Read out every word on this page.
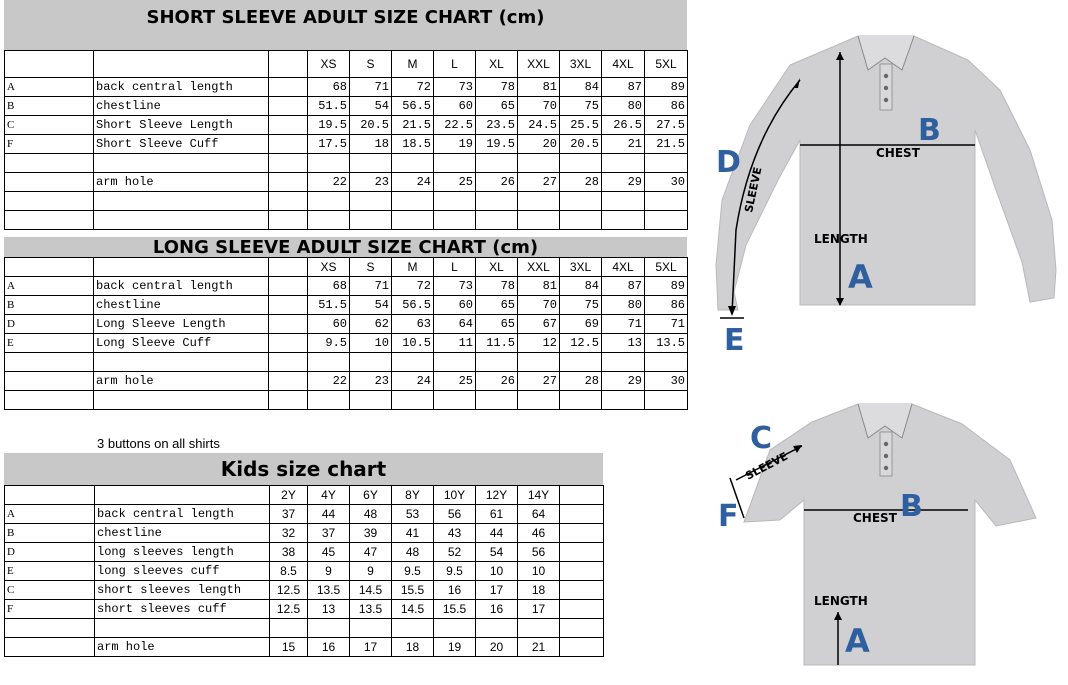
SHORT SLEEVE ADULT SIZE CHART (cm)
			XS	S	M	L	XL	XXL	3XL	4XL	5XL
A	back central length		68	71	72	73	78	81	84	87	89
B	chestline		51.5	54	56.5	60	65	70	75	80	86
C	Short Sleeve Length		19.5	20.5	21.5	22.5	23.5	24.5	25.5	26.5	27.5
F	Short Sleeve Cuff		17.5	18	18.5	19	19.5	20	20.5	21	21.5

	arm hole		22	23	24	25	26	27	28	29	30

LONG SLEEVE ADULT SIZE CHART (cm)
			XS	S	M	L	XL	XXL	3XL	4XL	5XL
A	back central length		68	71	72	73	78	81	84	87	89
B	chestline		51.5	54	56.5	60	65	70	75	80	86
D	Long Sleeve Length		60	62	63	64	65	67	69	71	71
E	Long Sleeve Cuff		9.5	10	10.5	11	11.5	12	12.5	13	13.5

	arm hole		22	23	24	25	26	27	28	29	30

3 buttons on all shirts
Kids size chart
		2Y	4Y	6Y	8Y	10Y	12Y	14Y	
A	back central length	37	44	48	53	56	61	64	
B	chestline	32	37	39	41	43	44	46	
D	long sleeves length	38	45	47	48	52	54	56	
E	long sleeves cuff	8.5	9	9	9.5	9.5	10	10	
C	short sleeves length	12.5	13.5	14.5	15.5	16	17	18	
F	short sleeves cuff	12.5	13	13.5	14.5	15.5	16	17	

	arm hole	15	16	17	18	19	20	21	
D
E
B
A
CHEST
LENGTH
SLEEVE
C
F	B
A
CHEST
LENGTH
SLEEVE
